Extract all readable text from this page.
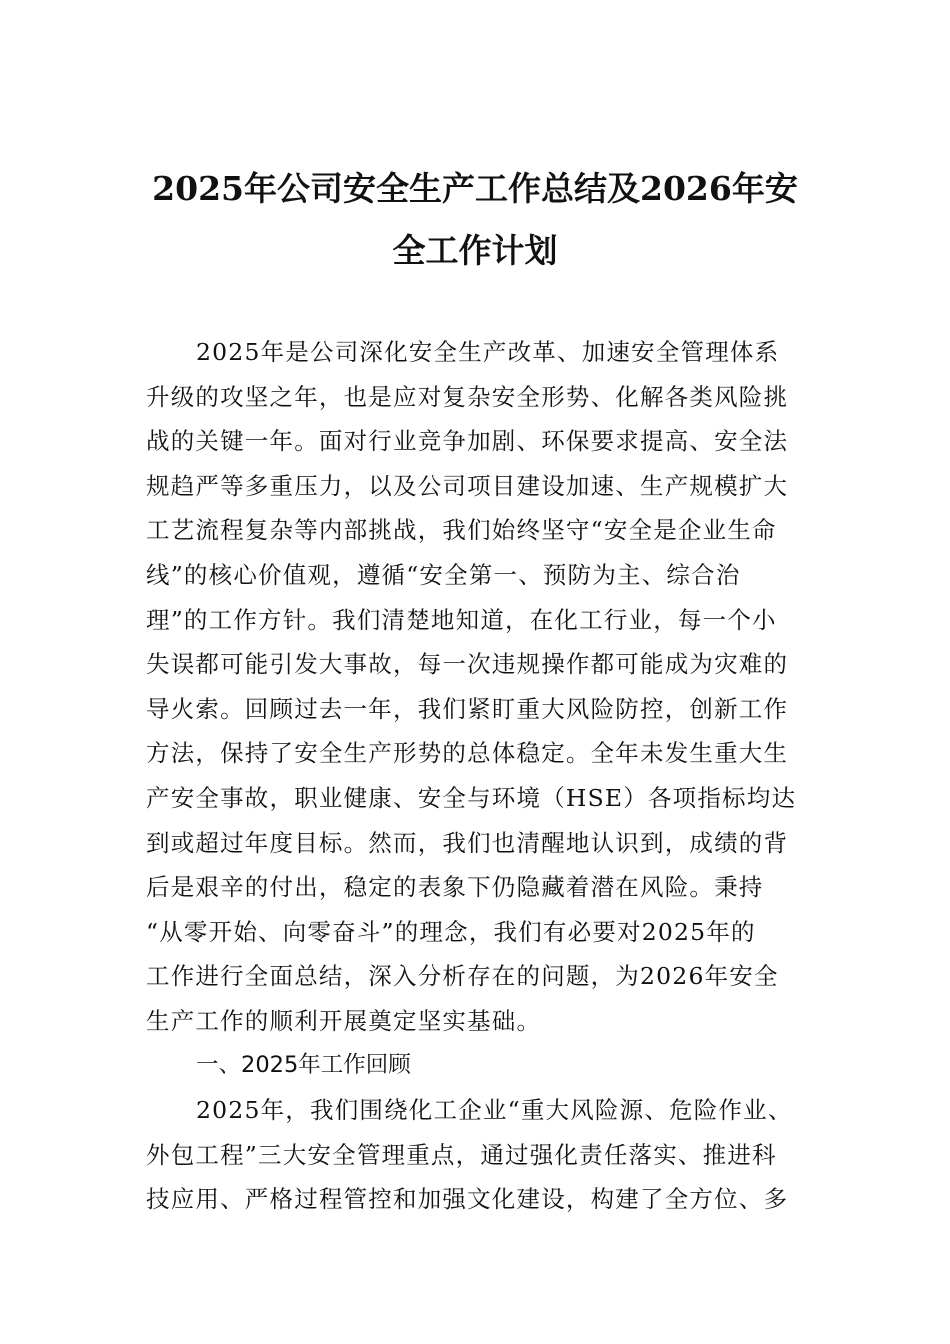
2025年公司安全生产工作总结及2026年安
全工作计划
2025年是公司深化安全生产改革、加速安全管理体系
升级的攻坚之年，也是应对复杂安全形势、化解各类风险挑
战的关键一年。面对行业竞争加剧、环保要求提高、安全法
规趋严等多重压力，以及公司项目建设加速、生产规模扩大
工艺流程复杂等内部挑战，我们始终坚守“安全是企业生命
线”的核心价值观，遵循“安全第一、预防为主、综合治
理”的工作方针。我们清楚地知道，在化工行业，每一个小
失误都可能引发大事故，每一次违规操作都可能成为灾难的
导火索。回顾过去一年，我们紧盯重大风险防控，创新工作
方法，保持了安全生产形势的总体稳定。全年未发生重大生
产安全事故，职业健康、安全与环境（HSE）各项指标均达
到或超过年度目标。然而，我们也清醒地认识到，成绩的背
后是艰辛的付出，稳定的表象下仍隐藏着潜在风险。秉持
“从零开始、向零奋斗”的理念，我们有必要对2025年的
工作进行全面总结，深入分析存在的问题，为2026年安全
生产工作的顺利开展奠定坚实基础。
一、2025年工作回顾
2025年，我们围绕化工企业“重大风险源、危险作业、
外包工程”三大安全管理重点，通过强化责任落实、推进科
技应用、严格过程管控和加强文化建设，构建了全方位、多
